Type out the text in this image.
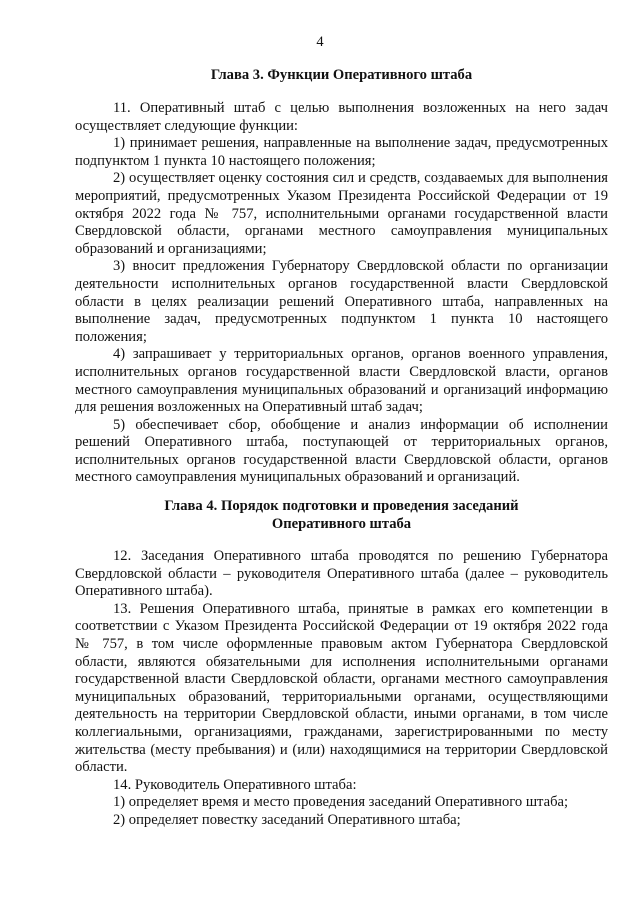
4
Глава 3. Функции Оперативного штаба

11. Оперативный штаб с целью выполнения возложенных на него задач осуществляет следующие функции:

1) принимает решения, направленные на выполнение задач, предусмотренных подпунктом 1 пункта 10 настоящего положения;

2) осуществляет оценку состояния сил и средств, создаваемых для выполнения мероприятий, предусмотренных Указом Президента Российской Федерации от 19 октября 2022 года № 757, исполнительными органами государственной власти Свердловской области, органами местного самоуправления муниципальных образований и организациями;

3) вносит предложения Губернатору Свердловской области по организации деятельности исполнительных органов государственной власти Свердловской области в целях реализации решений Оперативного штаба, направленных на выполнение задач, предусмотренных подпунктом 1 пункта 10 настоящего положения;

4) запрашивает у территориальных органов, органов военного управления, исполнительных органов государственной власти Свердловской власти, органов местного самоуправления муниципальных образований и организаций информацию для решения возложенных на Оперативный штаб задач;

5) обеспечивает сбор, обобщение и анализ информации об исполнении решений Оперативного штаба, поступающей от территориальных органов, исполнительных органов государственной власти Свердловской области, органов местного самоуправления муниципальных образований и организаций.

Глава 4. Порядок подготовки и проведения заседаний
Оперативного штаба

12. Заседания Оперативного штаба проводятся по решению Губернатора Свердловской области – руководителя Оперативного штаба (далее – руководитель Оперативного штаба).

13. Решения Оперативного штаба, принятые в рамках его компетенции в соответствии с Указом Президента Российской Федерации от 19 октября 2022 года № 757, в том числе оформленные правовым актом Губернатора Свердловской области, являются обязательными для исполнения исполнительными органами государственной власти Свердловской области, органами местного самоуправления муниципальных образований, территориальными органами, осуществляющими деятельность на территории Свердловской области, иными органами, в том числе коллегиальными, организациями, гражданами, зарегистрированными по месту жительства (месту пребывания) и (или) находящимися на территории Свердловской области.

14. Руководитель Оперативного штаба:

1) определяет время и место проведения заседаний Оперативного штаба;

2) определяет повестку заседаний Оперативного штаба;
